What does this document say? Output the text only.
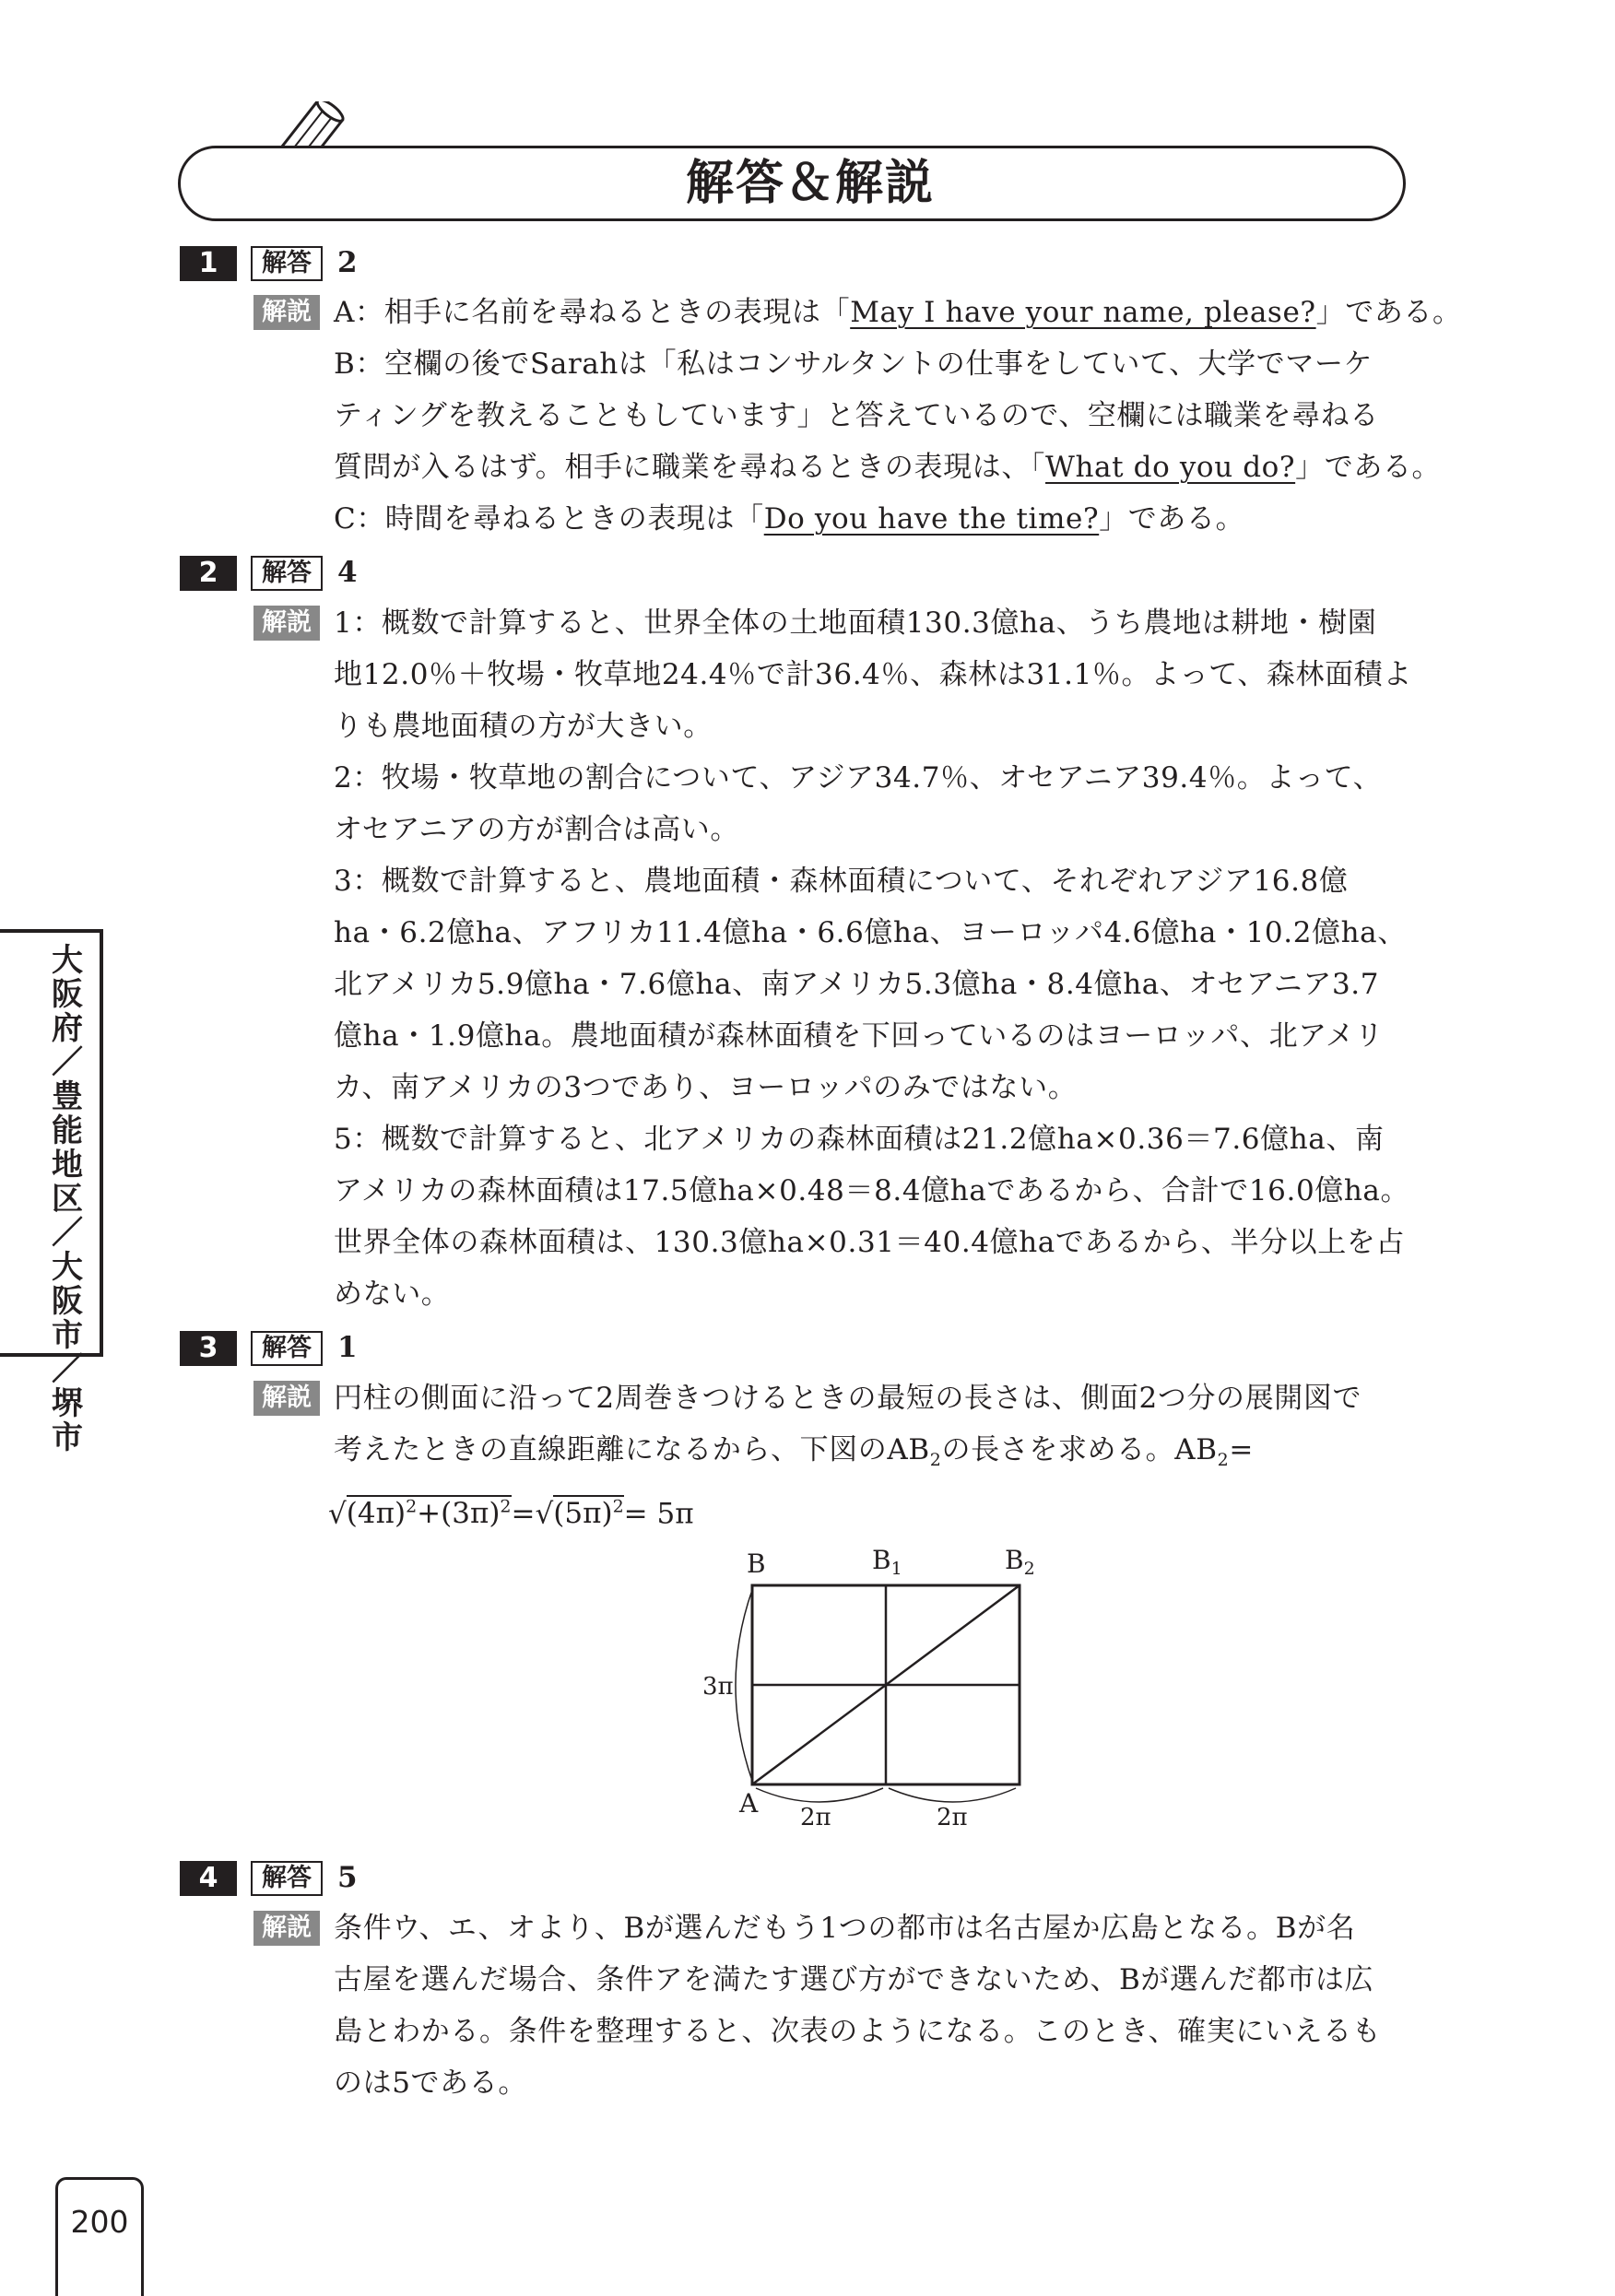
解答＆解説
大
阪
府
／
豊
能
地
区
／
大
阪
市
／
堺
市
1	解答 2
解説 A：相手に名前を尋ねるときの表現は「May I have your name, please?」である。
B：空欄の後でSarahは「私はコンサルタントの仕事をしていて、大学でマーケ
ティングを教えることもしています」と答えているので、空欄には職業を尋ねる
質問が入るはず。相手に職業を尋ねるときの表現は、「What do you do?」である。
C：時間を尋ねるときの表現は「Do you have the time?」である。
2	解答 4
解説 1：概数で計算すると、世界全体の土地面積130.3億ha、うち農地は耕地・樹園
地12.0％＋牧場・牧草地24.4％で計36.4％、森林は31.1％。よって、森林面積よ
りも農地面積の方が大きい。
2：牧場・牧草地の割合について、アジア34.7％、オセアニア39.4％。よって、
オセアニアの方が割合は高い。
3：概数で計算すると、農地面積・森林面積について、それぞれアジア16.8億
ha・6.2億ha、アフリカ11.4億ha・6.6億ha、ヨーロッパ4.6億ha・10.2億ha、
北アメリカ5.9億ha・7.6億ha、南アメリカ5.3億ha・8.4億ha、オセアニア3.7
億ha・1.9億ha。農地面積が森林面積を下回っているのはヨーロッパ、北アメリ
カ、南アメリカの3つであり、ヨーロッパのみではない。
5：概数で計算すると、北アメリカの森林面積は21.2億ha×0.36＝7.6億ha、南
アメリカの森林面積は17.5億ha×0.48＝8.4億haであるから、合計で16.0億ha。
世界全体の森林面積は、130.3億ha×0.31＝40.4億haであるから、半分以上を占
めない。
3	解答 1
解説 円柱の側面に沿って2周巻きつけるときの最短の長さは、側面2つ分の展開図で
考えたときの直線距離になるから、下図の$AB_2$の長さを求める。$AB_2=$
$√(4\pi)^2+(3\pi)^2=√(5\pi)^2= 5\pi$
B	$B_1$	$B_2$
A
3π
2π	2π
4	解答 5
解説 条件ウ、エ、オより、Bが選んだもう1つの都市は名古屋か広島となる。Bが名
古屋を選んだ場合、条件アを満たす選び方ができないため、Bが選んだ都市は広
島とわかる。条件を整理すると、次表のようになる。このとき、確実にいえるも
のは5である。
200
